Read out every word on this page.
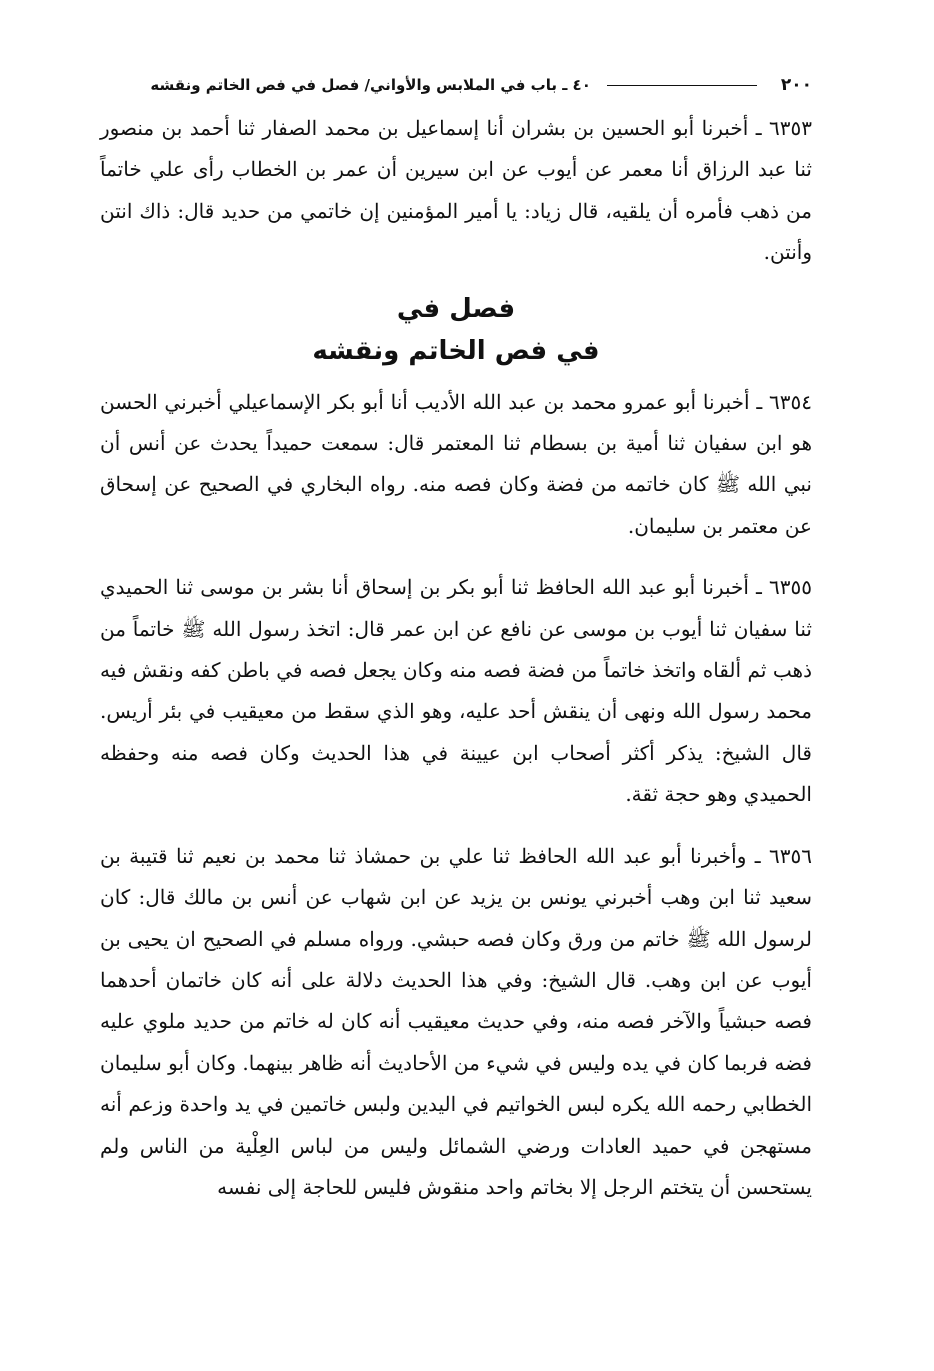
٢٠٠
٤٠ ـ باب في الملابس والأواني/ فصل في فص الخاتم ونقشه

٦٣٥٣ ـ أخبرنا أبو الحسين بن بشران أنا إسماعيل بن محمد الصفار ثنا أحمد بن منصور ثنا عبد الرزاق أنا معمر عن أيوب عن ابن سيرين أن عمر بن الخطاب رأى علي خاتماً من ذهب فأمره أن يلقيه، قال زياد: يا أمير المؤمنين إن خاتمي من حديد قال: ذاك انتن وأنتن.

فصل في
في فص الخاتم ونقشه

٦٣٥٤ ـ أخبرنا أبو عمرو محمد بن عبد الله الأديب أنا أبو بكر الإسماعيلي أخبرني الحسن هو ابن سفيان ثنا أمية بن بسطام ثنا المعتمر قال: سمعت حميداً يحدث عن أنس أن نبي الله ﷺ كان خاتمه من فضة وكان فصه منه. رواه البخاري في الصحيح عن إسحاق عن معتمر بن سليمان.

٦٣٥٥ ـ أخبرنا أبو عبد الله الحافظ ثنا أبو بكر بن إسحاق أنا بشر بن موسى ثنا الحميدي ثنا سفيان ثنا أيوب بن موسى عن نافع عن ابن عمر قال: اتخذ رسول الله ﷺ خاتماً من ذهب ثم ألقاه واتخذ خاتماً من فضة فصه منه وكان يجعل فصه في باطن كفه ونقش فيه محمد رسول الله ونهى أن ينقش أحد عليه، وهو الذي سقط من معيقيب في بئر أريس. قال الشيخ: يذكر أكثر أصحاب ابن عيينة في هذا الحديث وكان فصه منه وحفظه الحميدي وهو حجة ثقة.

٦٣٥٦ ـ وأخبرنا أبو عبد الله الحافظ ثنا علي بن حمشاذ ثنا محمد بن نعيم ثنا قتيبة بن سعيد ثنا ابن وهب أخبرني يونس بن يزيد عن ابن شهاب عن أنس بن مالك قال: كان لرسول الله ﷺ خاتم من ورق وكان فصه حبشي. ورواه مسلم في الصحيح ان يحيى بن أيوب عن ابن وهب. قال الشيخ: وفي هذا الحديث دلالة على أنه كان خاتمان أحدهما فصه حبشياً والآخر فصه منه، وفي حديث معيقيب أنه كان له خاتم من حديد ملوي عليه فضه فربما كان في يده وليس في شيء من الأحاديث أنه ظاهر بينهما. وكان أبو سليمان الخطابي رحمه الله يكره لبس الخواتيم في اليدين ولبس خاتمين في يد واحدة وزعم أنه مستهجن في حميد العادات ورضي الشمائل وليس من لباس العِلْية من الناس ولم يستحسن أن يتختم الرجل إلا بخاتم واحد منقوش فليس للحاجة إلى نفسه
